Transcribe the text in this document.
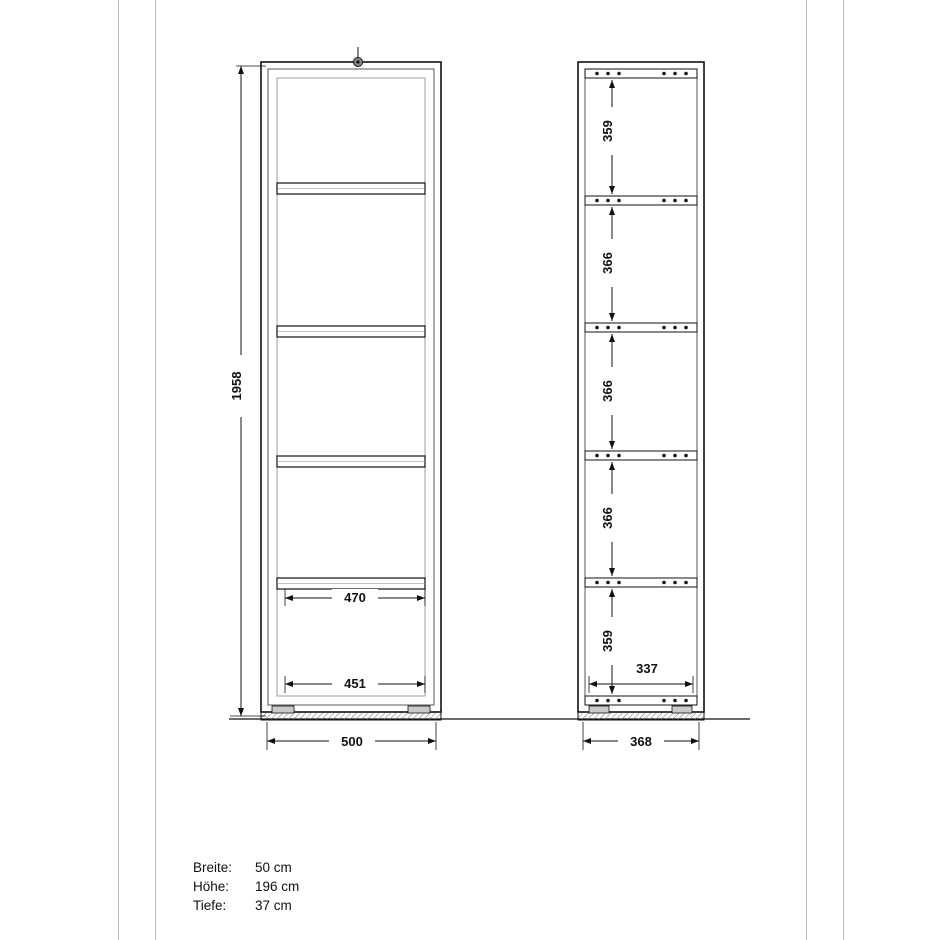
1958
470
451
500
359
366
366
366
359
337
368
Breite:	50 cm
Höhe:	196 cm
Tiefe:	37 cm
